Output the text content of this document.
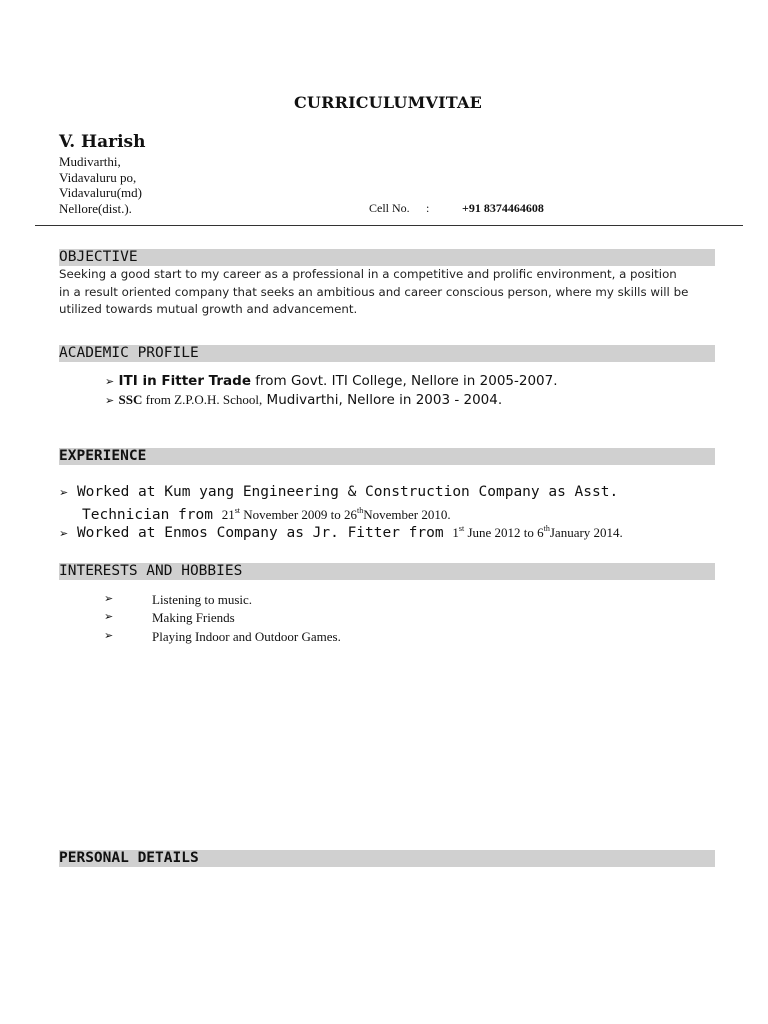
CURRICULUMVITAE
V. Harish
Mudivarthi,
Vidavaluru po,
Vidavaluru(md)
Nellore(dist.).	Cell No. :	+91 8374464608
OBJECTIVE
Seeking a good start to my career as a professional in a competitive and prolific environment, a position
in a result oriented company that seeks an ambitious and career conscious person, where my skills will be
utilized towards mutual growth and advancement.
ACADEMIC PROFILE
➢ ITI in Fitter Trade from Govt. ITI College, Nellore in 2005-2007.
➢ SSC from Z.P.O.H. School, Mudivarthi, Nellore in 2003 - 2004.
EXPERIENCE
➢ Worked at Kum yang Engineering & Construction Company as Asst.
Technician from 21st November 2009 to 26thNovember 2010.
➢ Worked at Enmos Company as Jr. Fitter from 1st June 2012 to 6thJanuary 2014.
INTERESTS AND HOBBIES
➢	Listening to music.
➢	Making Friends
➢	Playing Indoor and Outdoor Games.
PERSONAL DETAILS
